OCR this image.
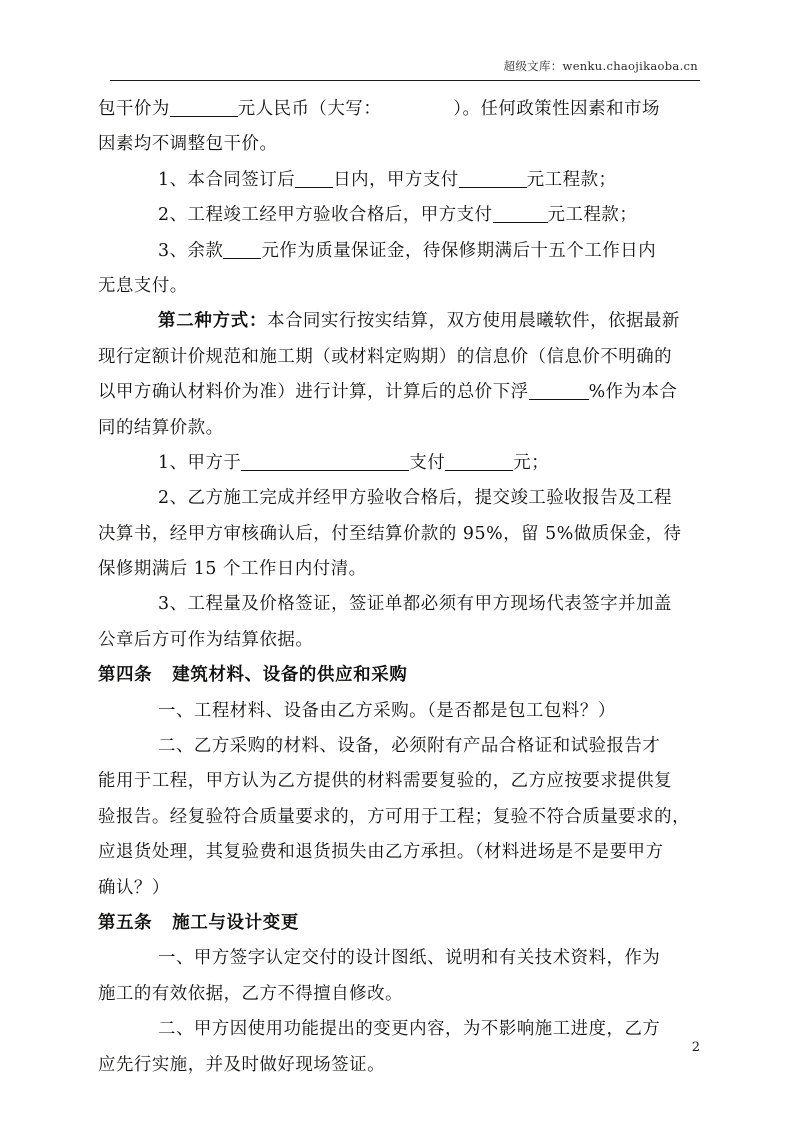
超级文库：wenku.chaojikaoba.cn
包干价为	元人民币（大写：	）。任何政策性因素和市场
因素均不调整包干价。
1、本合同签订后 日内，甲方支付	元工程款；
2、工程竣工经甲方验收合格后，甲方支付	元工程款；
3、余款 元作为质量保证金，待保修期满后十五个工作日内
无息支付。
第二种方式：本合同实行按实结算，双方使用晨曦软件，依据最新
现行定额计价规范和施工期（或材料定购期）的信息价（信息价不明确的
以甲方确认材料价为准）进行计算，计算后的总价下浮	%作为本合
同的结算价款。
1、甲方于	支付	元；
2、乙方施工完成并经甲方验收合格后，提交竣工验收报告及工程
决算书，经甲方审核确认后，付至结算价款的 95%，留 5%做质保金，待
保修期满后 15 个工作日内付清。
3、工程量及价格签证，签证单都必须有甲方现场代表签字并加盖
公章后方可作为结算依据。
第四条 建筑材料、设备的供应和采购
一、工程材料、设备由乙方采购。（是否都是包工包料？）
二、乙方采购的材料、设备，必须附有产品合格证和试验报告才
能用于工程，甲方认为乙方提供的材料需要复验的，乙方应按要求提供复
验报告。经复验符合质量要求的，方可用于工程；复验不符合质量要求的，
应退货处理，其复验费和退货损失由乙方承担。（材料进场是不是要甲方
确认？）
第五条 施工与设计变更
一、甲方签字认定交付的设计图纸、说明和有关技术资料，作为
施工的有效依据，乙方不得擅自修改。
二、甲方因使用功能提出的变更内容，为不影响施工进度，乙方
应先行实施，并及时做好现场签证。
2
